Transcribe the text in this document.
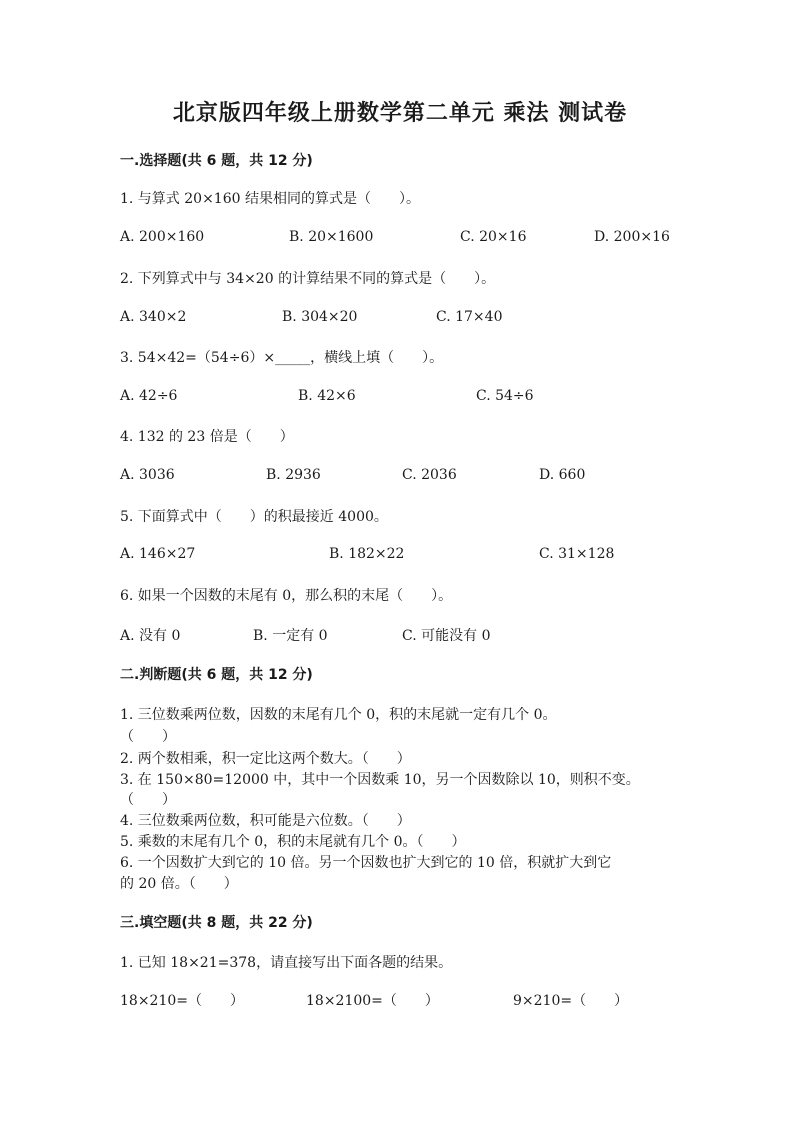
北京版四年级上册数学第二单元 乘法 测试卷
一.选择题(共 6 题，共 12 分)
1. 与算式 20×160 结果相同的算式是（　　）。
A. 200×160	B. 20×1600	C. 20×16	D. 200×16
2. 下列算式中与 34×20 的计算结果不同的算式是（　　）。
A. 340×2	B. 304×20	C. 17×40
3. 54×42=（54÷6）×_____，横线上填（　　）。
A. 42÷6	B. 42×6	C. 54÷6
4. 132 的 23 倍是（　　）
A. 3036	B. 2936	C. 2036	D. 660
5. 下面算式中（　　）的积最接近 4000。
A. 146×27	B. 182×22	C. 31×128
6. 如果一个因数的末尾有 0，那么积的末尾（　　）。
A. 没有 0	B. 一定有 0	C. 可能没有 0
二.判断题(共 6 题，共 12 分)
1. 三位数乘两位数，因数的末尾有几个 0，积的末尾就一定有几个 0。
（　　）
2. 两个数相乘，积一定比这两个数大。（　　）
3. 在 150×80=12000 中，其中一个因数乘 10，另一个因数除以 10，则积不变。
（　　）
4. 三位数乘两位数，积可能是六位数。（　　）
5. 乘数的末尾有几个 0，积的末尾就有几个 0。（　　）
6. 一个因数扩大到它的 10 倍。另一个因数也扩大到它的 10 倍，积就扩大到它
的 20 倍。（　　）
三.填空题(共 8 题，共 22 分)
1. 已知 18×21=378，请直接写出下面各题的结果。
18×210=（　　）	18×2100=（　　）	9×210=（　　）
